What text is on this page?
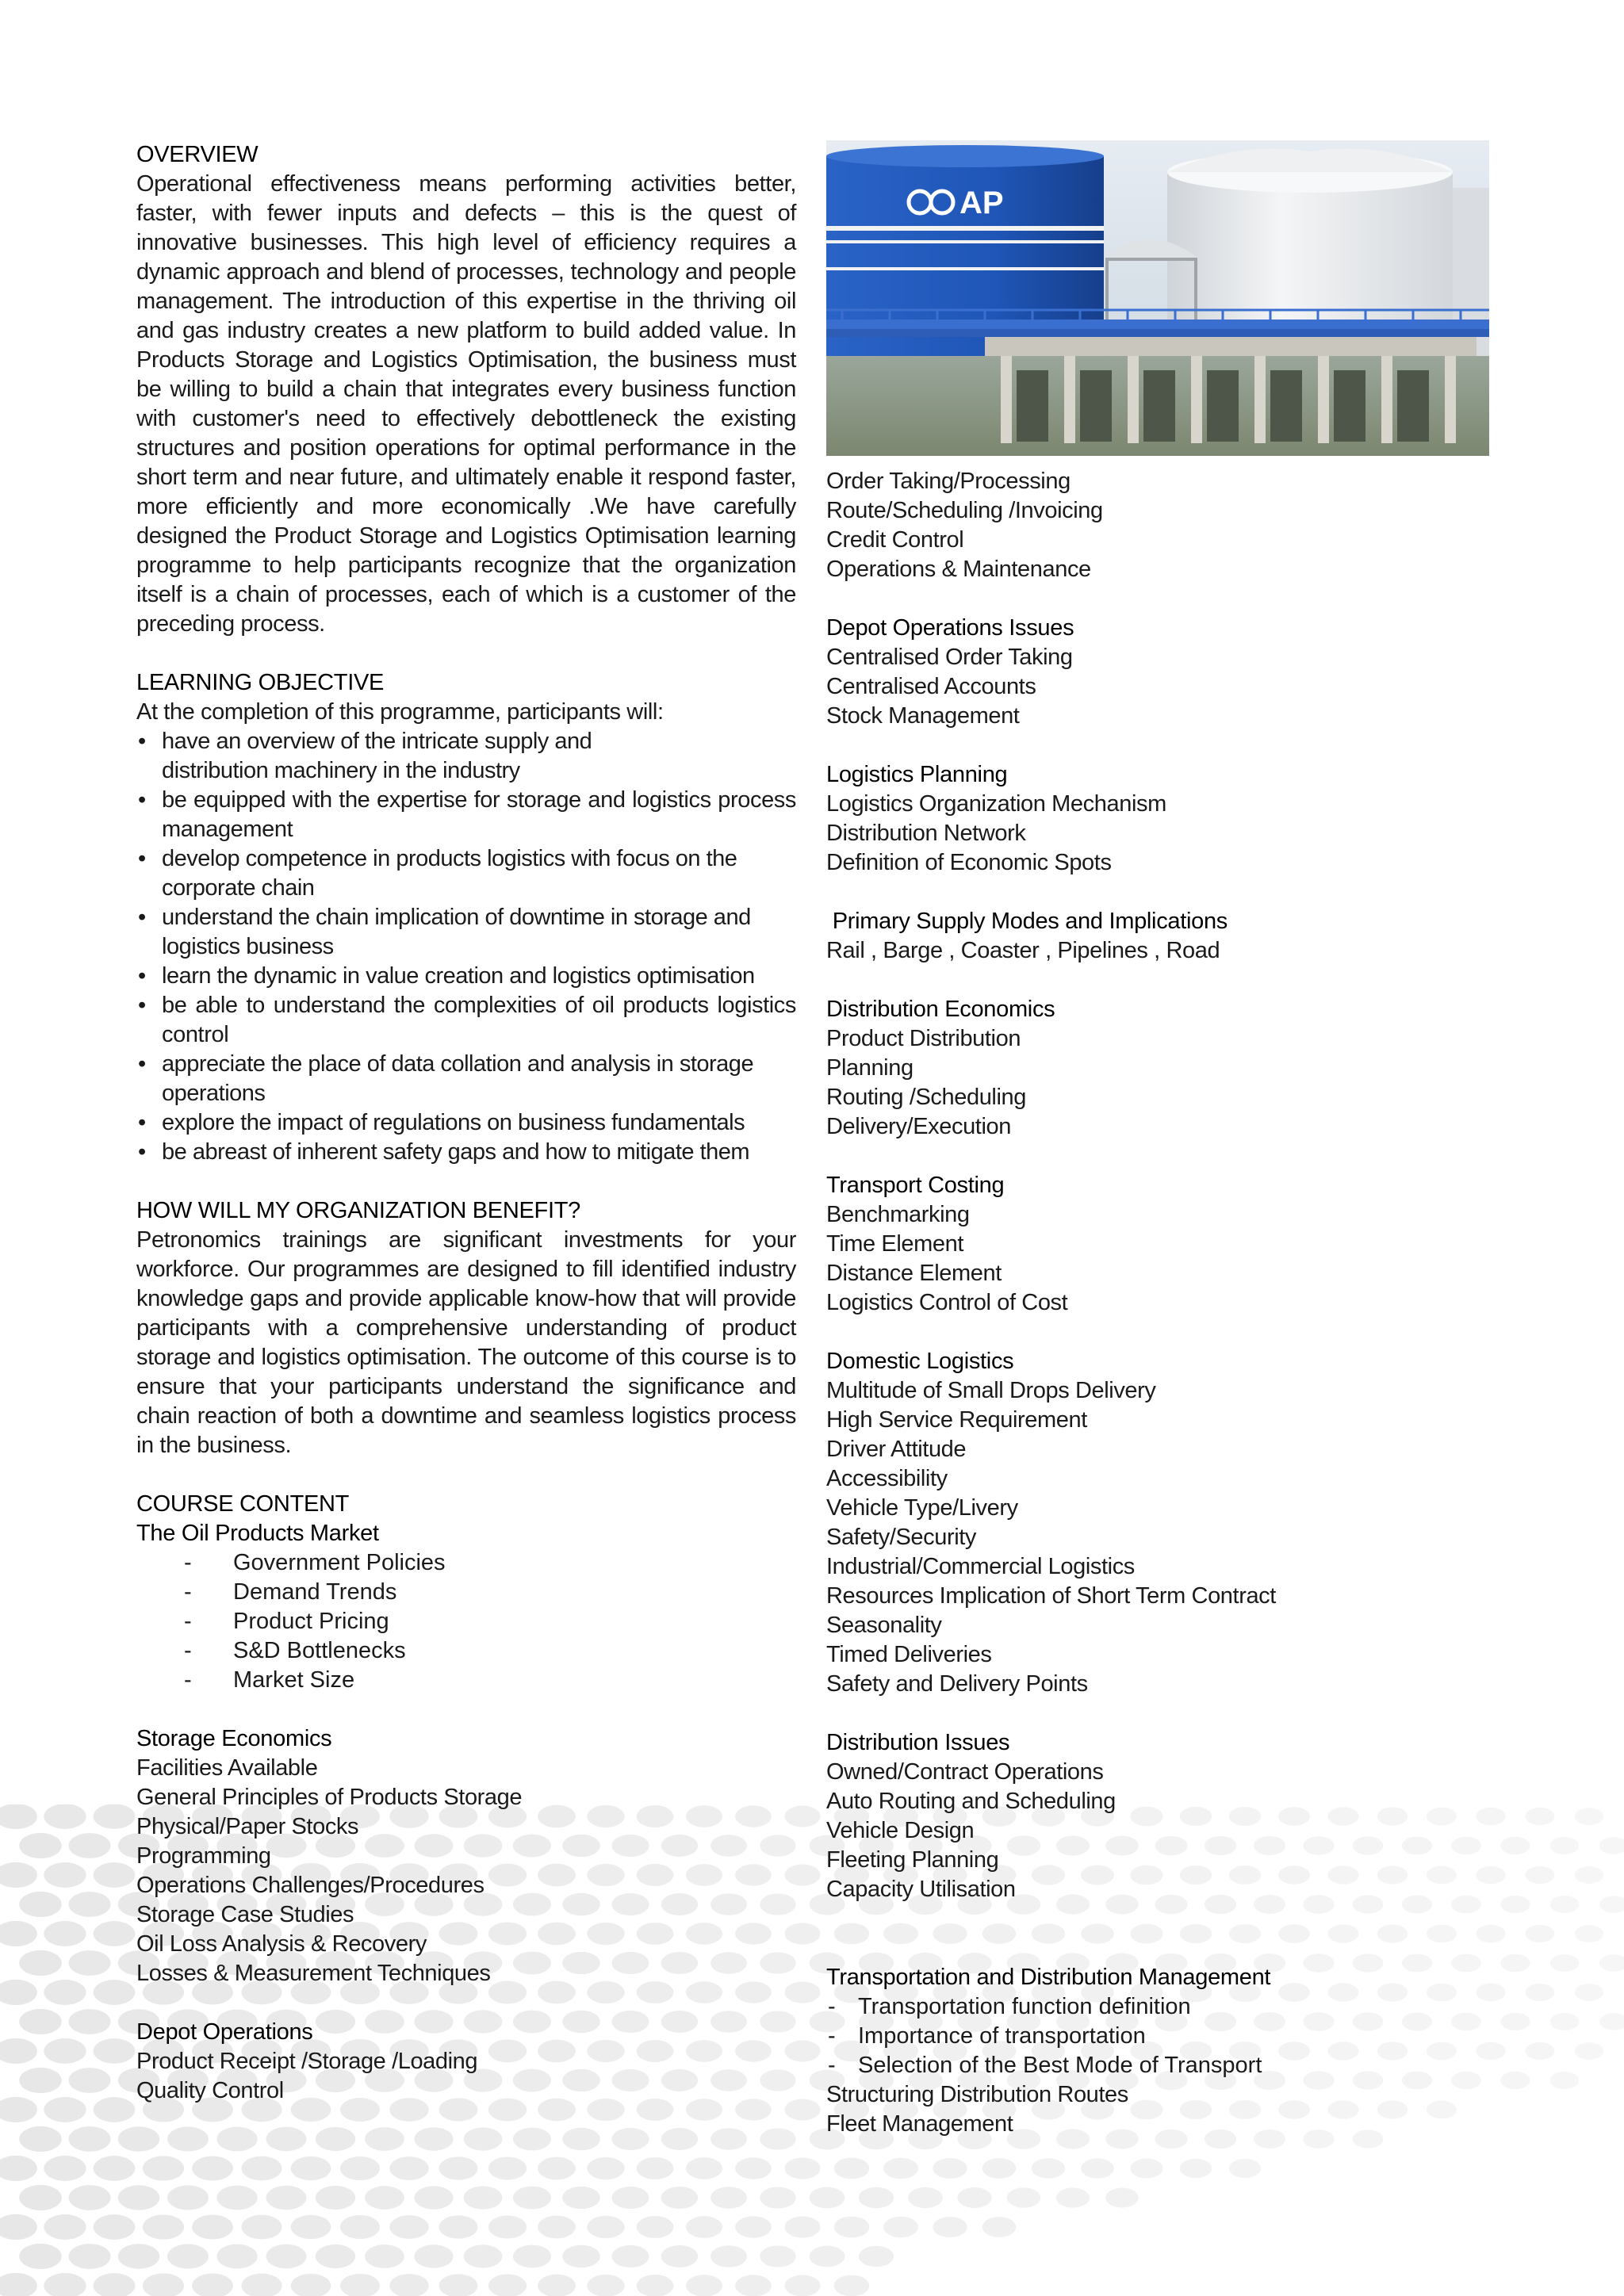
OVERVIEW
Operational effectiveness means performing activities better, faster, with fewer inputs and defects – this is the quest of innovative businesses. This high level of efficiency requires a dynamic approach and blend of processes, technology and people management. The introduction of this expertise in the thriving oil and gas industry creates a new platform to build added value. In Products Storage and Logistics Optimisation, the business must be willing to build a chain that integrates every business function with customer's need to effectively debottleneck the existing structures and position operations for optimal performance in the short term and near future, and ultimately enable it respond faster, more efficiently and more economically .We have carefully designed the Product Storage and Logistics Optimisation learning programme to help participants recognize that the organization itself is a chain of processes, each of which is a customer of the preceding process.
LEARNING OBJECTIVE
At the completion of this programme, participants will:
• have an overview of the intricate supply and distribution machinery in the industry
• be equipped with the expertise for storage and logistics process management
• develop competence in products logistics with focus on the corporate chain
• understand the chain implication of downtime in storage and logistics business
• learn the dynamic in value creation and logistics optimisation
• be able to understand the complexities of oil products logistics control
• appreciate the place of data collation and analysis in storage operations
• explore the impact of regulations on business fundamentals
• be abreast of inherent safety gaps and how to mitigate them
HOW WILL MY ORGANIZATION BENEFIT?
Petronomics trainings are significant investments for your workforce. Our programmes are designed to fill identified industry knowledge gaps and provide applicable know-how that will provide participants with a comprehensive understanding of product storage and logistics optimisation. The outcome of this course is to ensure that your participants understand the significance and chain reaction of both a downtime and seamless logistics process in the business.
COURSE CONTENT
The Oil Products Market
- Government Policies
- Demand Trends
- Product Pricing
- S&D Bottlenecks
- Market Size
Storage Economics
Facilities Available
General Principles of Products Storage
Physical/Paper Stocks
Programming
Operations Challenges/Procedures
Storage Case Studies
Oil Loss Analysis & Recovery
Losses & Measurement Techniques
Depot Operations
Product Receipt /Storage /Loading
Quality Control
AP
Order Taking/Processing
Route/Scheduling /Invoicing
Credit Control
Operations & Maintenance
Depot Operations Issues
Centralised Order Taking
Centralised Accounts
Stock Management
Logistics Planning
Logistics Organization Mechanism
Distribution Network
Definition of Economic Spots
Primary Supply Modes and Implications
Rail , Barge , Coaster , Pipelines , Road
Distribution Economics
Product Distribution
Planning
Routing /Scheduling
Delivery/Execution
Transport Costing
Benchmarking
Time Element
Distance Element
Logistics Control of Cost
Domestic Logistics
Multitude of Small Drops Delivery
High Service Requirement
Driver Attitude
Accessibility
Vehicle Type/Livery
Safety/Security
Industrial/Commercial Logistics
Resources Implication of Short Term Contract
Seasonality
Timed Deliveries
Safety and Delivery Points
Distribution Issues
Owned/Contract Operations
Auto Routing and Scheduling
Vehicle Design
Fleeting Planning
Capacity Utilisation
Transportation and Distribution Management
- Transportation function definition
- Importance of transportation
- Selection of the Best Mode of Transport
Structuring Distribution Routes
Fleet Management
